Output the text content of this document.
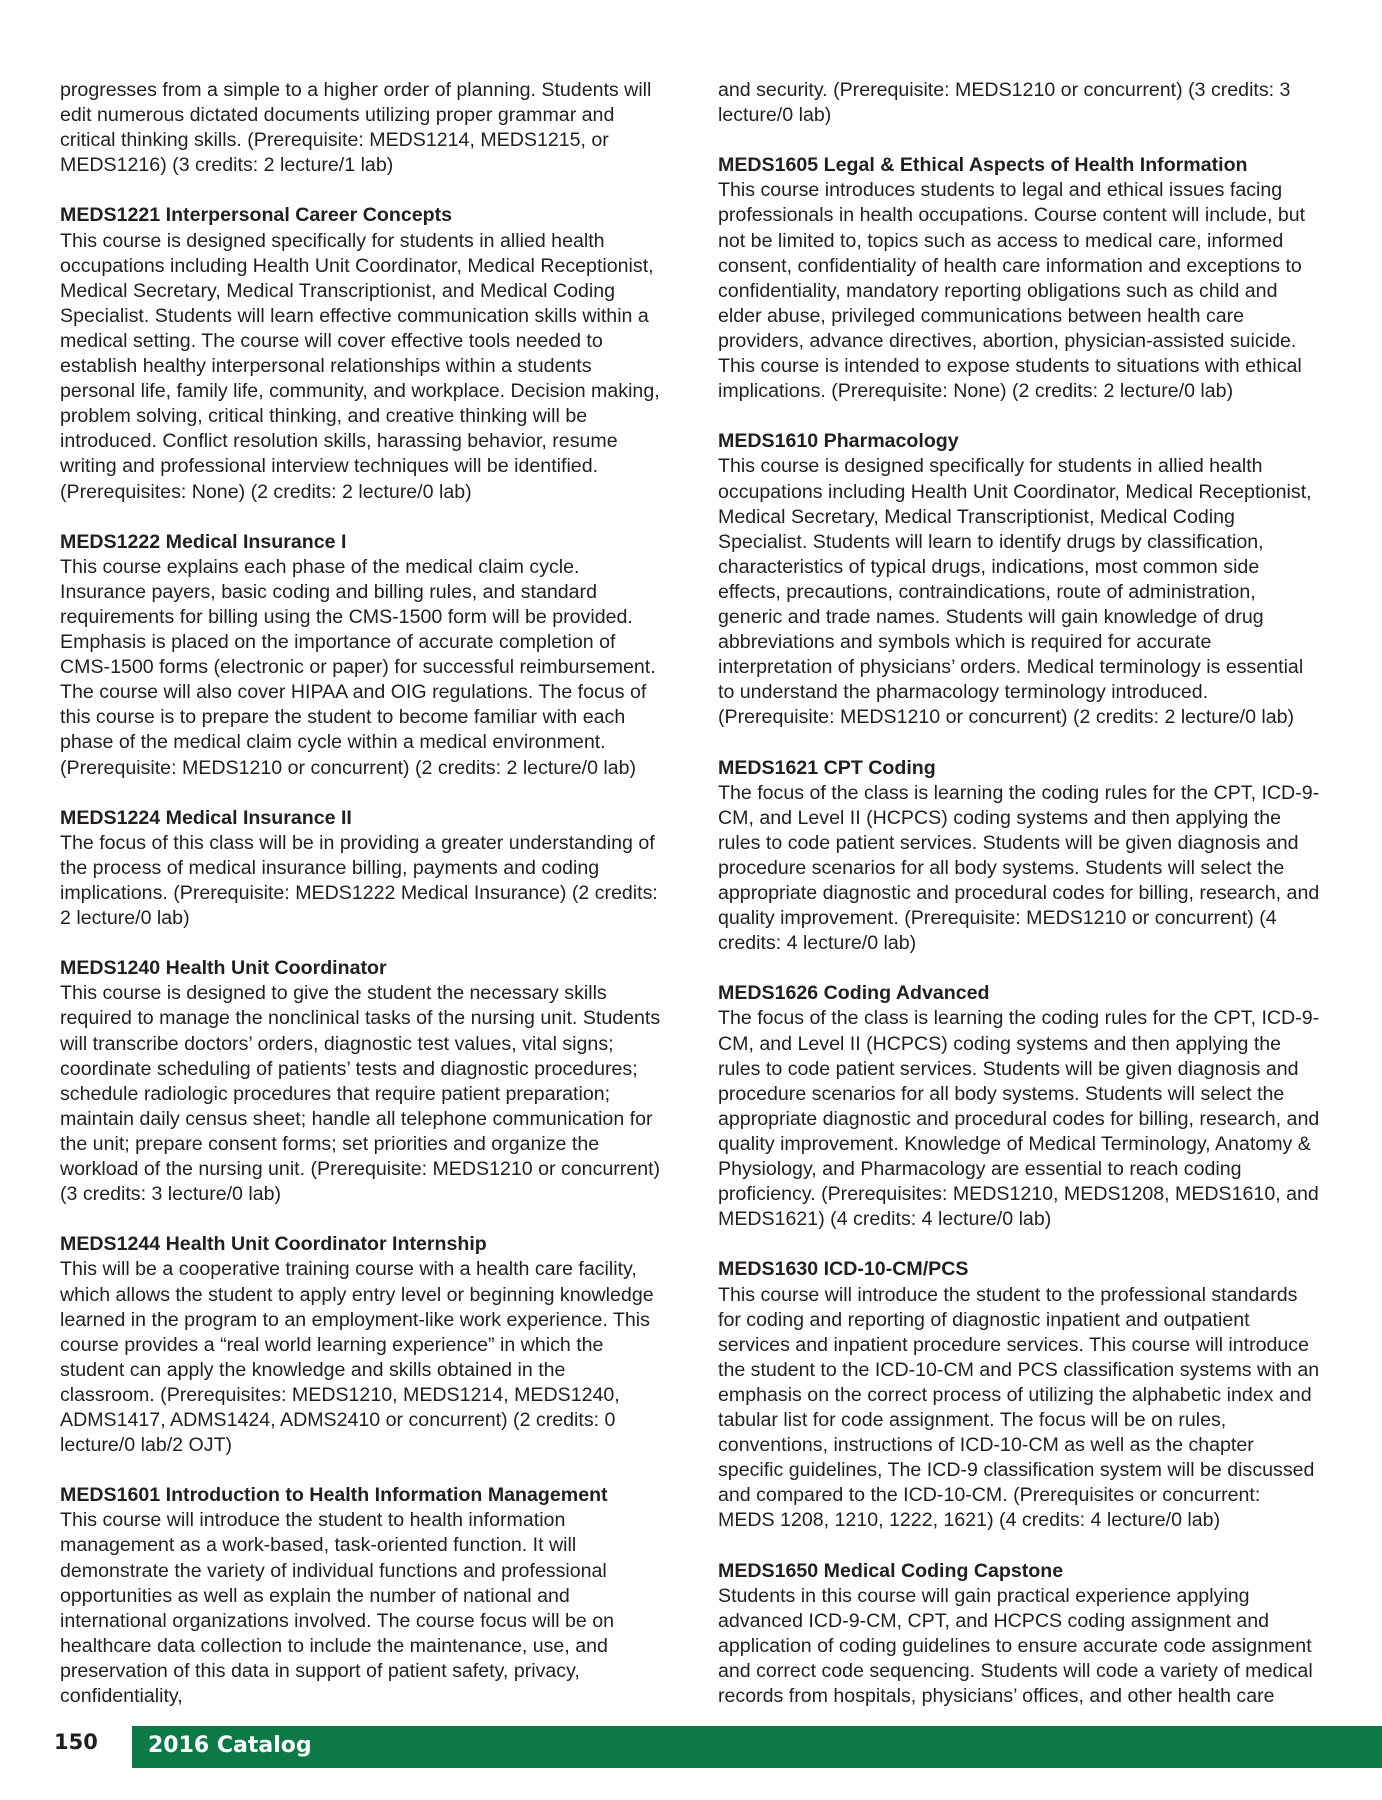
progresses from a simple to a higher order of planning. Students will edit numerous dictated documents utilizing proper grammar and critical thinking skills. (Prerequisite: MEDS1214, MEDS1215, or MEDS1216) (3 credits: 2 lecture/1 lab)

MEDS1221 Interpersonal Career Concepts
This course is designed specifically for students in allied health occupations including Health Unit Coordinator, Medical Receptionist, Medical Secretary, Medical Transcriptionist, and Medical Coding Specialist. Students will learn effective communication skills within a medical setting. The course will cover effective tools needed to establish healthy interpersonal relationships within a students personal life, family life, community, and workplace. Decision making, problem solving, critical thinking, and creative thinking will be introduced. Conflict resolution skills, harassing behavior, resume writing and professional interview techniques will be identified. (Prerequisites: None) (2 credits: 2 lecture/0 lab)
MEDS1222 Medical Insurance I
This course explains each phase of the medical claim cycle. Insurance payers, basic coding and billing rules, and standard requirements for billing using the CMS-1500 form will be provided. Emphasis is placed on the importance of accurate completion of CMS-1500 forms (electronic or paper) for successful reimbursement. The course will also cover HIPAA and OIG regulations. The focus of this course is to prepare the student to become familiar with each phase of the medical claim cycle within a medical environment. (Prerequisite: MEDS1210 or concurrent) (2 credits: 2 lecture/0 lab)
MEDS1224 Medical Insurance II
The focus of this class will be in providing a greater understanding of the process of medical insurance billing, payments and coding implications. (Prerequisite: MEDS1222 Medical Insurance) (2 credits: 2 lecture/0 lab)
MEDS1240 Health Unit Coordinator
This course is designed to give the student the necessary skills required to manage the nonclinical tasks of the nursing unit. Students will transcribe doctors’ orders, diagnostic test values, vital signs; coordinate scheduling of patients’ tests and diagnostic procedures; schedule radiologic procedures that require patient preparation; maintain daily census sheet; handle all telephone communication for the unit; prepare consent forms; set priorities and organize the workload of the nursing unit. (Prerequisite: MEDS1210 or concurrent) (3 credits: 3 lecture/0 lab)
MEDS1244 Health Unit Coordinator Internship
This will be a cooperative training course with a health care facility, which allows the student to apply entry level or beginning knowledge learned in the program to an employment-like work experience. This course provides a “real world learning experience” in which the student can apply the knowledge and skills obtained in the classroom. (Prerequisites: MEDS1210, MEDS1214, MEDS1240, ADMS1417, ADMS1424, ADMS2410 or concurrent) (2 credits: 0 lecture/0 lab/2 OJT)
MEDS1601 Introduction to Health Information Management
This course will introduce the student to health information management as a work-based, task-oriented function. It will demonstrate the variety of individual functions and professional opportunities as well as explain the number of national and international organizations involved. The course focus will be on healthcare data collection to include the maintenance, use, and preservation of this data in support of patient safety, privacy, confidentiality,

and security. (Prerequisite: MEDS1210 or concurrent) (3 credits: 3 lecture/0 lab)

MEDS1605 Legal & Ethical Aspects of Health Information
This course introduces students to legal and ethical issues facing professionals in health occupations. Course content will include, but not be limited to, topics such as access to medical care, informed consent, confidentiality of health care information and exceptions to confidentiality, mandatory reporting obligations such as child and elder abuse, privileged communications between health care providers, advance directives, abortion, physician-assisted suicide. This course is intended to expose students to situations with ethical implications. (Prerequisite: None) (2 credits: 2 lecture/0 lab)
MEDS1610 Pharmacology
This course is designed specifically for students in allied health occupations including Health Unit Coordinator, Medical Receptionist, Medical Secretary, Medical Transcriptionist, Medical Coding Specialist. Students will learn to identify drugs by classification, characteristics of typical drugs, indications, most common side effects, precautions, contraindications, route of administration, generic and trade names. Students will gain knowledge of drug abbreviations and symbols which is required for accurate interpretation of physicians’ orders. Medical terminology is essential to understand the pharmacology terminology introduced. (Prerequisite: MEDS1210 or concurrent) (2 credits: 2 lecture/0 lab)
MEDS1621 CPT Coding
The focus of the class is learning the coding rules for the CPT, ICD-9-CM, and Level II (HCPCS) coding systems and then applying the rules to code patient services. Students will be given diagnosis and procedure scenarios for all body systems. Students will select the appropriate diagnostic and procedural codes for billing, research, and quality improvement. (Prerequisite: MEDS1210 or concurrent) (4 credits: 4 lecture/0 lab)
MEDS1626 Coding Advanced
The focus of the class is learning the coding rules for the CPT, ICD-9-CM, and Level II (HCPCS) coding systems and then applying the rules to code patient services. Students will be given diagnosis and procedure scenarios for all body systems. Students will select the appropriate diagnostic and procedural codes for billing, research, and quality improvement. Knowledge of Medical Terminology, Anatomy & Physiology, and Pharmacology are essential to reach coding proficiency. (Prerequisites: MEDS1210, MEDS1208, MEDS1610, and MEDS1621) (4 credits: 4 lecture/0 lab)
MEDS1630 ICD-10-CM/PCS
This course will introduce the student to the professional standards for coding and reporting of diagnostic inpatient and outpatient services and inpatient procedure services. This course will introduce the student to the ICD-10-CM and PCS classification systems with an emphasis on the correct process of utilizing the alphabetic index and tabular list for code assignment. The focus will be on rules, conventions, instructions of ICD-10-CM as well as the chapter specific guidelines, The ICD-9 classification system will be discussed and compared to the ICD-10-CM. (Prerequisites or concurrent: MEDS 1208, 1210, 1222, 1621) (4 credits: 4 lecture/0 lab)
MEDS1650 Medical Coding Capstone
Students in this course will gain practical experience applying advanced ICD-9-CM, CPT, and HCPCS coding assignment and application of coding guidelines to ensure accurate code assignment and correct code sequencing. Students will code a variety of medical records from hospitals, physicians’ offices, and other health care
150 2016 Catalog
